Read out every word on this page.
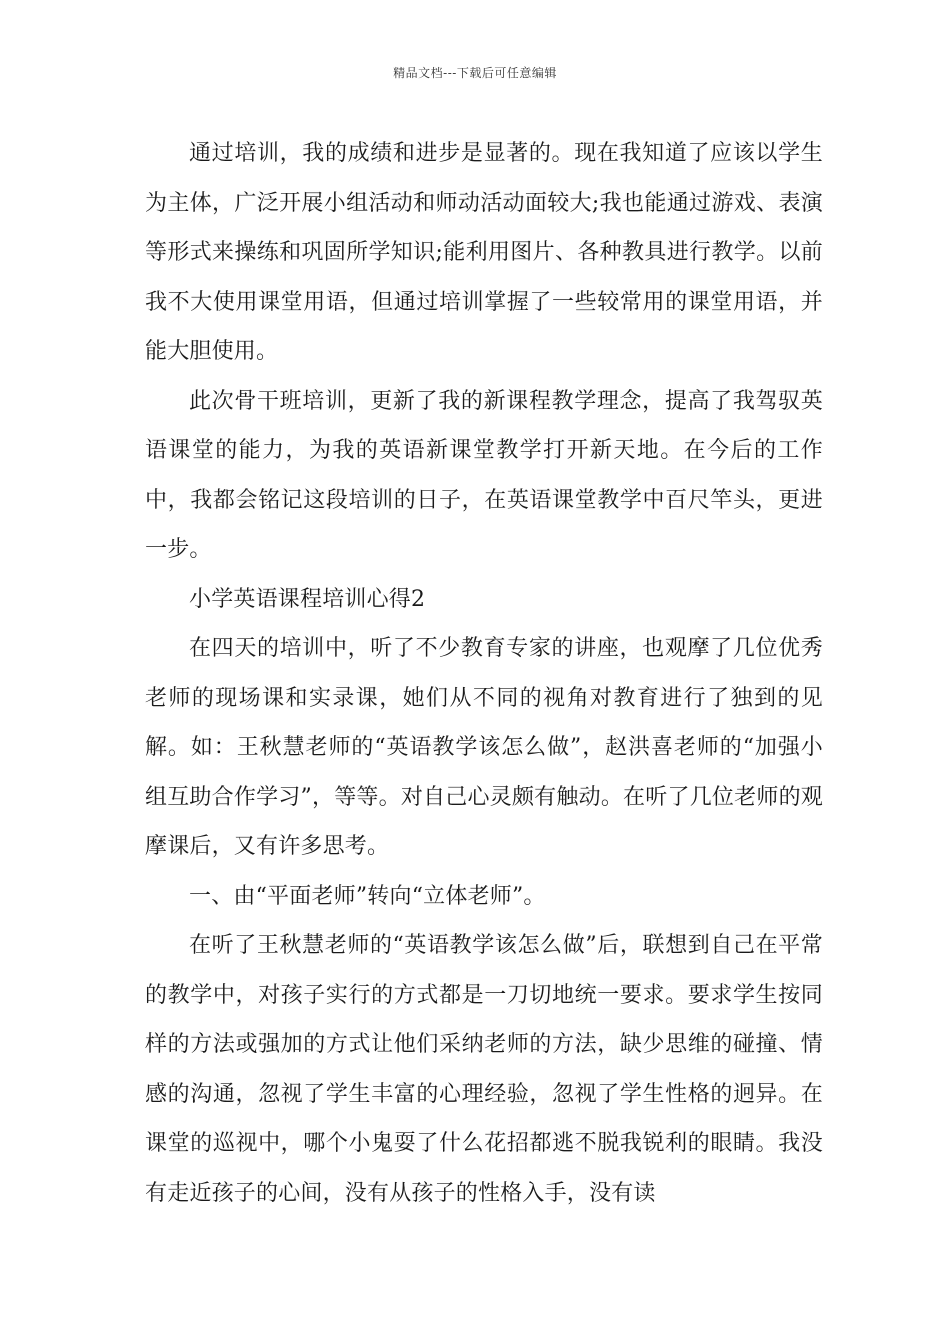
精品文档---下载后可任意编辑

通过培训，我的成绩和进步是显著的。现在我知道了应该以学生为主体，广泛开展小组活动和师动活动面较大;我也能通过游戏、表演等形式来操练和巩固所学知识;能利用图片、各种教具进行教学。以前我不大使用课堂用语，但通过培训掌握了一些较常用的课堂用语，并能大胆使用。

此次骨干班培训，更新了我的新课程教学理念，提高了我驾驭英语课堂的能力，为我的英语新课堂教学打开新天地。在今后的工作中，我都会铭记这段培训的日子，在英语课堂教学中百尺竿头，更进一步。

小学英语课程培训心得2

在四天的培训中，听了不少教育专家的讲座，也观摩了几位优秀老师的现场课和实录课，她们从不同的视角对教育进行了独到的见解。如：王秋慧老师的“英语教学该怎么做”，赵洪喜老师的“加强小组互助合作学习”，等等。对自己心灵颇有触动。在听了几位老师的观摩课后，又有许多思考。

一、由“平面老师”转向“立体老师”。

在听了王秋慧老师的“英语教学该怎么做”后，联想到自己在平常的教学中，对孩子实行的方式都是一刀切地统一要求。要求学生按同样的方法或强加的方式让他们采纳老师的方法，缺少思维的碰撞、情感的沟通，忽视了学生丰富的心理经验，忽视了学生性格的迥异。在课堂的巡视中，哪个小鬼耍了什么花招都逃不脱我锐利的眼睛。我没有走近孩子的心间，没有从孩子的性格入手，没有读
